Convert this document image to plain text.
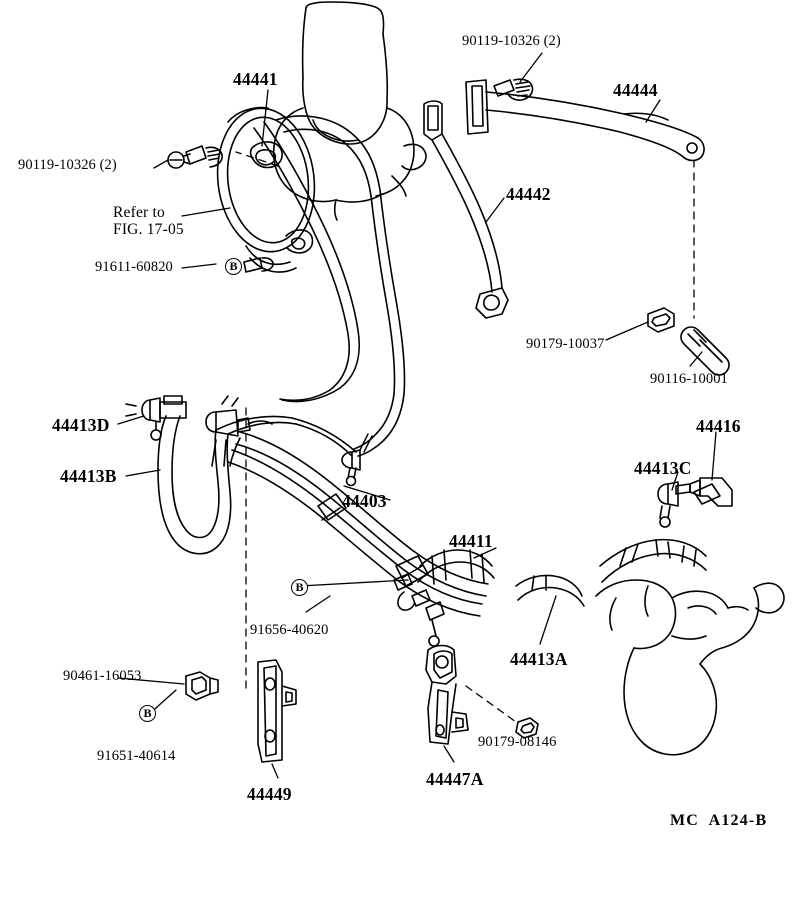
B
B
B
Refer to
FIG. 17-05
44441
90119-10326 (2)
44444
90119-10326 (2)
44442
91611-60820
90179-10037
90116-10001
44413D	44416
44413B	44413C
44403
44411
91656-40620
44413A
90461-16053
90179-08146
91651-40614
44447A
44449
MC  A124-B
